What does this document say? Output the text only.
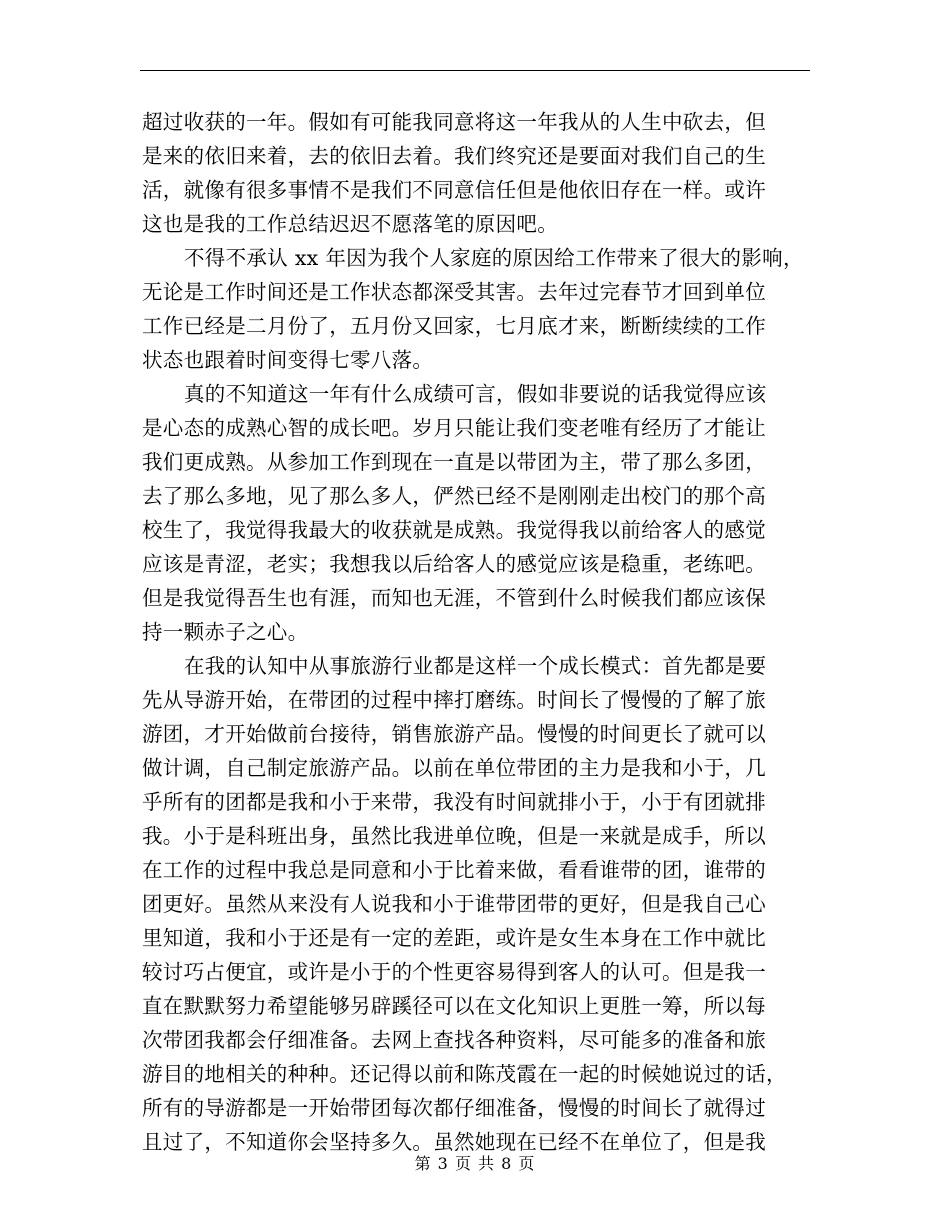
超过收获的一年。假如有可能我同意将这一年我从的人生中砍去，但
是来的依旧来着，去的依旧去着。我们终究还是要面对我们自己的生
活，就像有很多事情不是我们不同意信任但是他依旧存在一样。或许
这也是我的工作总结迟迟不愿落笔的原因吧。
不得不承认 xx 年因为我个人家庭的原因给工作带来了很大的影响，
无论是工作时间还是工作状态都深受其害。去年过完春节才回到单位
工作已经是二月份了，五月份又回家，七月底才来，断断续续的工作
状态也跟着时间变得七零八落。
真的不知道这一年有什么成绩可言，假如非要说的话我觉得应该
是心态的成熟心智的成长吧。岁月只能让我们变老唯有经历了才能让
我们更成熟。从参加工作到现在一直是以带团为主，带了那么多团，
去了那么多地，见了那么多人，俨然已经不是刚刚走出校门的那个高
校生了，我觉得我最大的收获就是成熟。我觉得我以前给客人的感觉
应该是青涩，老实；我想我以后给客人的感觉应该是稳重，老练吧。
但是我觉得吾生也有涯，而知也无涯，不管到什么时候我们都应该保
持一颗赤子之心。
在我的认知中从事旅游行业都是这样一个成长模式：首先都是要
先从导游开始，在带团的过程中摔打磨练。时间长了慢慢的了解了旅
游团，才开始做前台接待，销售旅游产品。慢慢的时间更长了就可以
做计调，自己制定旅游产品。以前在单位带团的主力是我和小于，几
乎所有的团都是我和小于来带，我没有时间就排小于，小于有团就排
我。小于是科班出身，虽然比我进单位晚，但是一来就是成手，所以
在工作的过程中我总是同意和小于比着来做，看看谁带的团，谁带的
团更好。虽然从来没有人说我和小于谁带团带的更好，但是我自己心
里知道，我和小于还是有一定的差距，或许是女生本身在工作中就比
较讨巧占便宜，或许是小于的个性更容易得到客人的认可。但是我一
直在默默努力希望能够另辟蹊径可以在文化知识上更胜一筹，所以每
次带团我都会仔细准备。去网上查找各种资料，尽可能多的准备和旅
游目的地相关的种种。还记得以前和陈茂霞在一起的时候她说过的话，
所有的导游都是一开始带团每次都仔细准备，慢慢的时间长了就得过
且过了，不知道你会坚持多久。虽然她现在已经不在单位了，但是我
第 3 页 共 8 页
